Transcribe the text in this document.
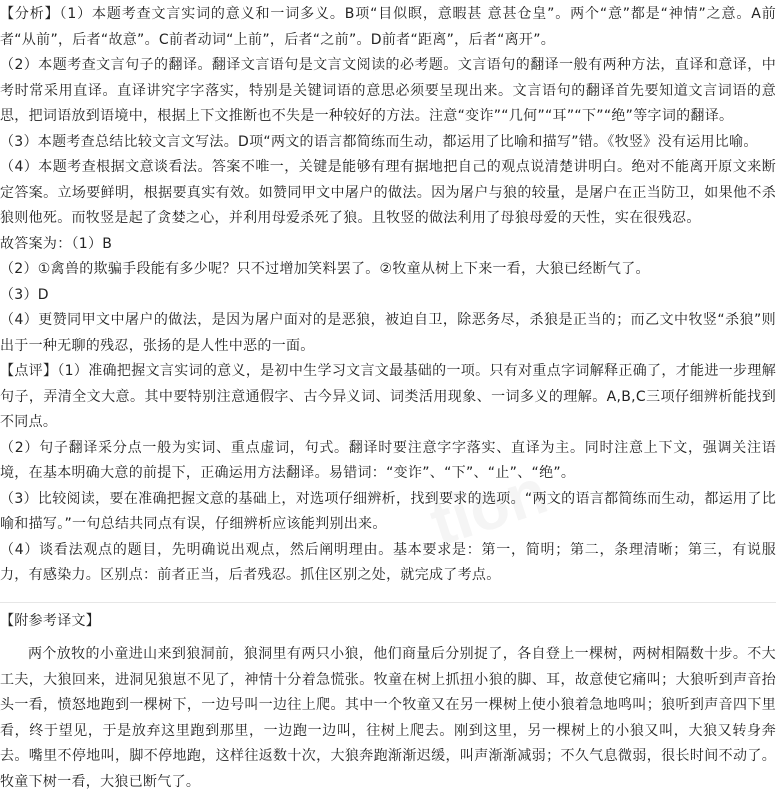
tion

【分析】（1）本题考查文言实词的意义和一词多义。B项“目似瞑，意暇甚 意甚仓皇”。两个“意”都是“神情”之意。A前者“从前”，后者“故意”。C前者动词“上前”，后者“之前”。D前者“距离”，后者“离开”。

（2）本题考查文言句子的翻译。翻译文言语句是文言文阅读的必考题。文言语句的翻译一般有两种方法，直译和意译，中考时常采用直译。直译讲究字字落实，特别是关键词语的意思必须要呈现出来。文言语句的翻译首先要知道文言词语的意思，把词语放到语境中，根据上下文推断也不失是一种较好的方法。注意“变诈”“几何”“耳”“下”“绝”等字词的翻译。

（3）本题考查总结比较文言文写法。D项“两文的语言都简练而生动，都运用了比喻和描写”错。《牧竖》没有运用比喻。

（4）本题考查根据文意谈看法。答案不唯一，关键是能够有理有据地把自己的观点说清楚讲明白。绝对不能离开原文来断定答案。立场要鲜明，根据要真实有效。如赞同甲文中屠户的做法。因为屠户与狼的较量，是屠户在正当防卫，如果他不杀狼则他死。而牧竖是起了贪婪之心，并利用母爱杀死了狼。且牧竖的做法利用了母狼母爱的天性，实在很残忍。

故答案为：（1）B

（2）①禽兽的欺骗手段能有多少呢？只不过增加笑料罢了。②牧童从树上下来一看，大狼已经断气了。

（3）D

（4）更赞同甲文中屠户的做法，是因为屠户面对的是恶狼，被迫自卫，除恶务尽，杀狼是正当的；而乙文中牧竖“杀狼”则出于一种无聊的残忍，张扬的是人性中恶的一面。

【点评】（1）准确把握文言实词的意义，是初中生学习文言文最基础的一项。只有对重点字词解释正确了，才能进一步理解句子，弄清全文大意。其中要特别注意通假字、古今异义词、词类活用现象、一词多义的理解。A,B,C三项仔细辨析能找到不同点。

（2）句子翻译采分点一般为实词、重点虚词，句式。翻译时要注意字字落实、直译为主。同时注意上下文，强调关注语境，在基本明确大意的前提下，正确运用方法翻译。易错词：“变诈”、“下”、“止”、“绝”。

（3）比较阅读，要在准确把握文意的基础上，对选项仔细辨析，找到要求的选项。“两文的语言都简练而生动，都运用了比喻和描写。”一句总结共同点有误，仔细辨析应该能判别出来。

（4）谈看法观点的题目，先明确说出观点，然后阐明理由。基本要求是：第一，简明；第二，条理清晰；第三，有说服力，有感染力。区别点：前者正当，后者残忍。抓住区别之处，就完成了考点。

【附参考译文】

两个放牧的小童进山来到狼洞前，狼洞里有两只小狼，他们商量后分别捉了，各自登上一棵树，两树相隔数十步。不大工夫，大狼回来，进洞见狼崽不见了，神情十分着急慌张。牧童在树上抓扭小狼的脚、耳，故意使它痛叫；大狼听到声音抬头一看，愤怒地跑到一棵树下，一边号叫一边往上爬。其中一个牧童又在另一棵树上使小狼着急地鸣叫；狼听到声音四下里看，终于望见，于是放弃这里跑到那里，一边跑一边叫，往树上爬去。刚到这里，另一棵树上的小狼又叫，大狼又转身奔去。嘴里不停地叫，脚不停地跑，这样往返数十次，大狼奔跑渐渐迟缓，叫声渐渐减弱；不久气息微弱，很长时间不动了。牧童下树一看，大狼已断气了。
